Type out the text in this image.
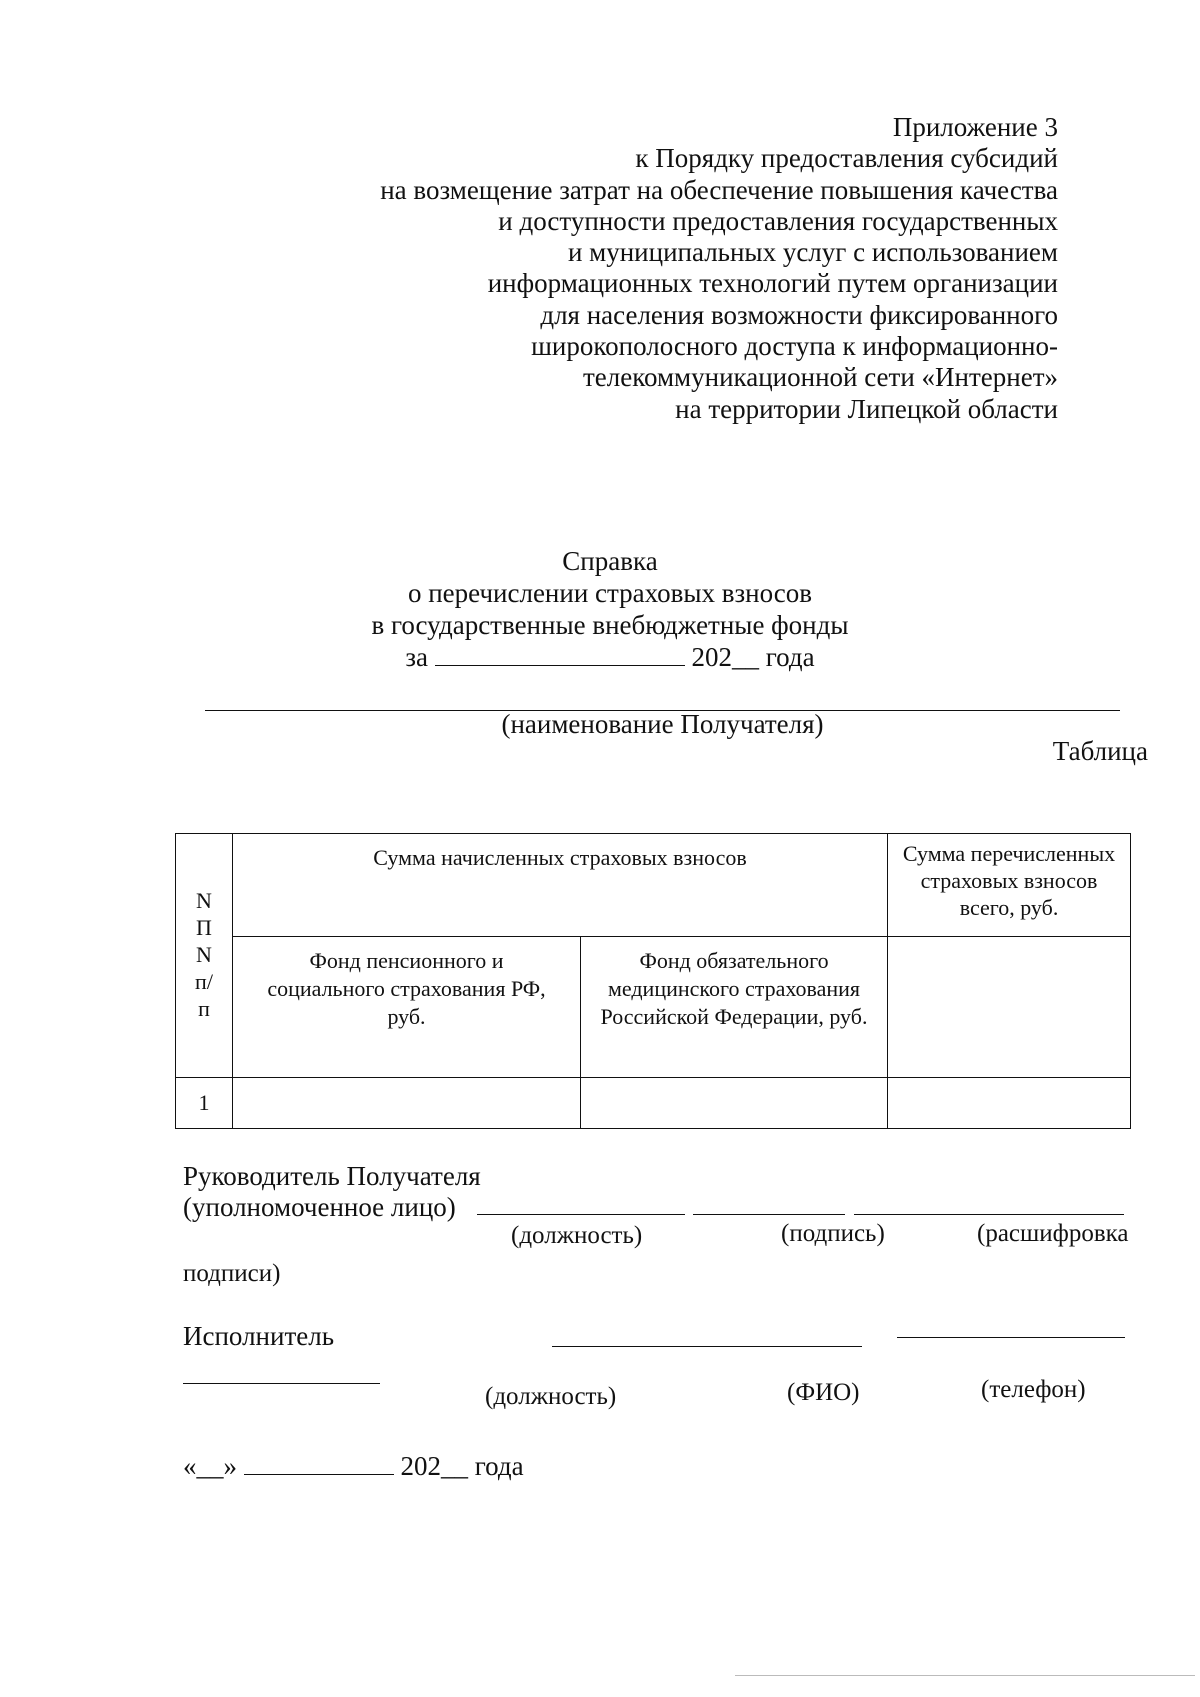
Приложение 3
к Порядку предоставления субсидий
на возмещение затрат на обеспечение повышения качества
и доступности предоставления государственных
и муниципальных услуг с использованием
информационных технологий путем организации
для населения возможности фиксированного
широкополосного доступа к информационно-
телекоммуникационной сети «Интернет»
на территории Липецкой области
Справка
о перечислении страховых взносов
в государственные внебюджетные фонды
за	202__ года
(наименование Получателя)
Таблица
N П N п/п	Сумма начисленных страховых взносов		Сумма перечисленных страховых взносов всего, руб.
	Фонд пенсионного и социального страхования РФ, руб.	Фонд обязательного медицинского страхования Российской Федерации, руб.	
1			
Руководитель Получателя
(уполномоченное лицо)
(должность)	(подпись)	(расшифровка
подписи)
Исполнитель
(должность)	(ФИО)	(телефон)
«__»	202__ года
